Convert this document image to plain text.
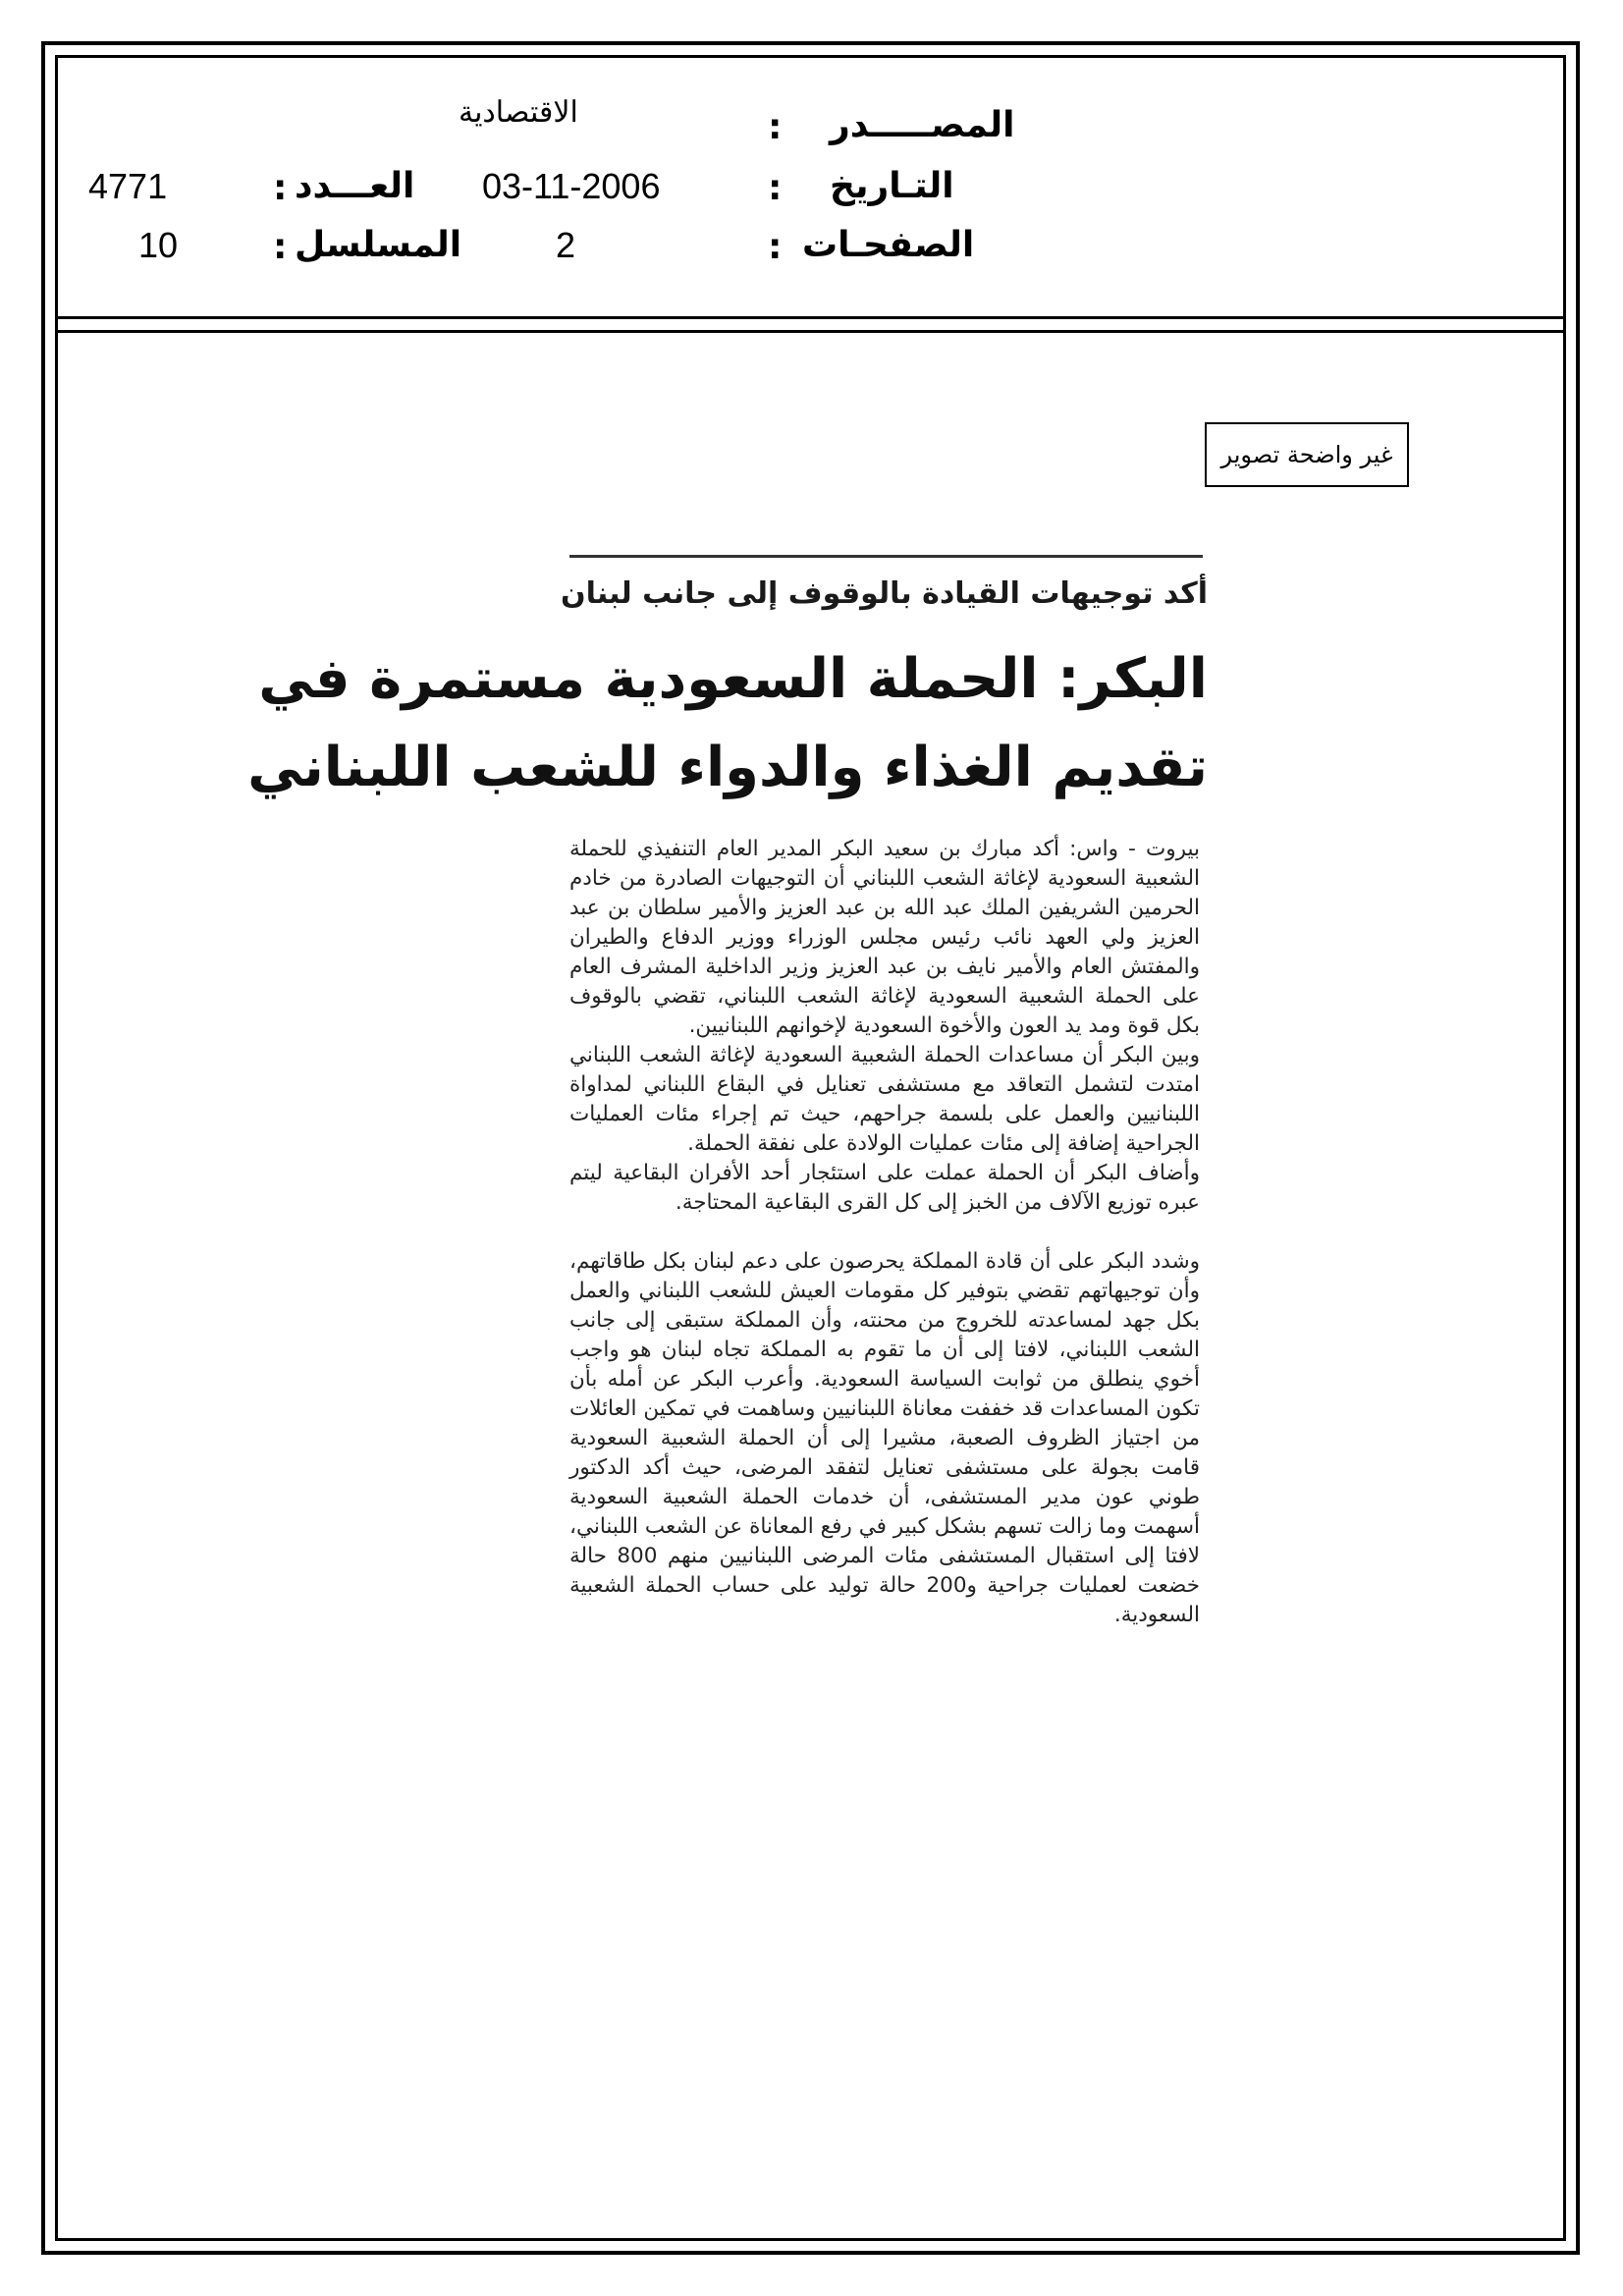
المصـــــدر
:
الاقتصادية
التـاريخ
:
03-11-2006
العـــدد
:
4771
الصفحـات
:
2
المسلسل
:
10
غير واضحة تصوير
أكد توجيهات القيادة بالوقوف إلى جانب لبنان
البكر: الحملة السعودية مستمرة في
تقديم الغذاء والدواء للشعب اللبناني

بيروت - واس: أكد مبارك بن سعيد البكر المدير العام التنفيذي للحملة الشعبية السعودية لإغاثة الشعب اللبناني أن التوجيهات الصادرة من خادم الحرمين الشريفين الملك عبد الله بن عبد العزيز والأمير سلطان بن عبد العزيز ولي العهد نائب رئيس مجلس الوزراء ووزير الدفاع والطيران والمفتش العام والأمير نايف بن عبد العزيز وزير الداخلية المشرف العام على الحملة الشعبية السعودية لإغاثة الشعب اللبناني، تقضي بالوقوف بكل قوة ومد يد العون والأخوة السعودية لإخوانهم اللبنانيين.

وبين البكر أن مساعدات الحملة الشعبية السعودية لإغاثة الشعب اللبناني امتدت لتشمل التعاقد مع مستشفى تعنايل في البقاع اللبناني لمداواة اللبنانيين والعمل على بلسمة جراحهم، حيث تم إجراء مئات العمليات الجراحية إضافة إلى مئات عمليات الولادة على نفقة الحملة.

وأضاف البكر أن الحملة عملت على استئجار أحد الأفران البقاعية ليتم عبره توزيع الآلاف من الخبز إلى كل القرى البقاعية المحتاجة.

وشدد البكر على أن قادة المملكة يحرصون على دعم لبنان بكل طاقاتهم، وأن توجيهاتهم تقضي بتوفير كل مقومات العيش للشعب اللبناني والعمل بكل جهد لمساعدته للخروج من محنته، وأن المملكة ستبقى إلى جانب الشعب اللبناني، لافتا إلى أن ما تقوم به المملكة تجاه لبنان هو واجب أخوي ينطلق من ثوابت السياسة السعودية. وأعرب البكر عن أمله بأن تكون المساعدات قد خففت معاناة اللبنانيين وساهمت في تمكين العائلات من اجتياز الظروف الصعبة، مشيرا إلى أن الحملة الشعبية السعودية قامت بجولة على مستشفى تعنايل لتفقد المرضى، حيث أكد الدكتور طوني عون مدير المستشفى، أن خدمات الحملة الشعبية السعودية أسهمت وما زالت تسهم بشكل كبير في رفع المعاناة عن الشعب اللبناني، لافتا إلى استقبال المستشفى مئات المرضى اللبنانيين منهم 800 حالة خضعت لعمليات جراحية و200 حالة توليد على حساب الحملة الشعبية السعودية.
